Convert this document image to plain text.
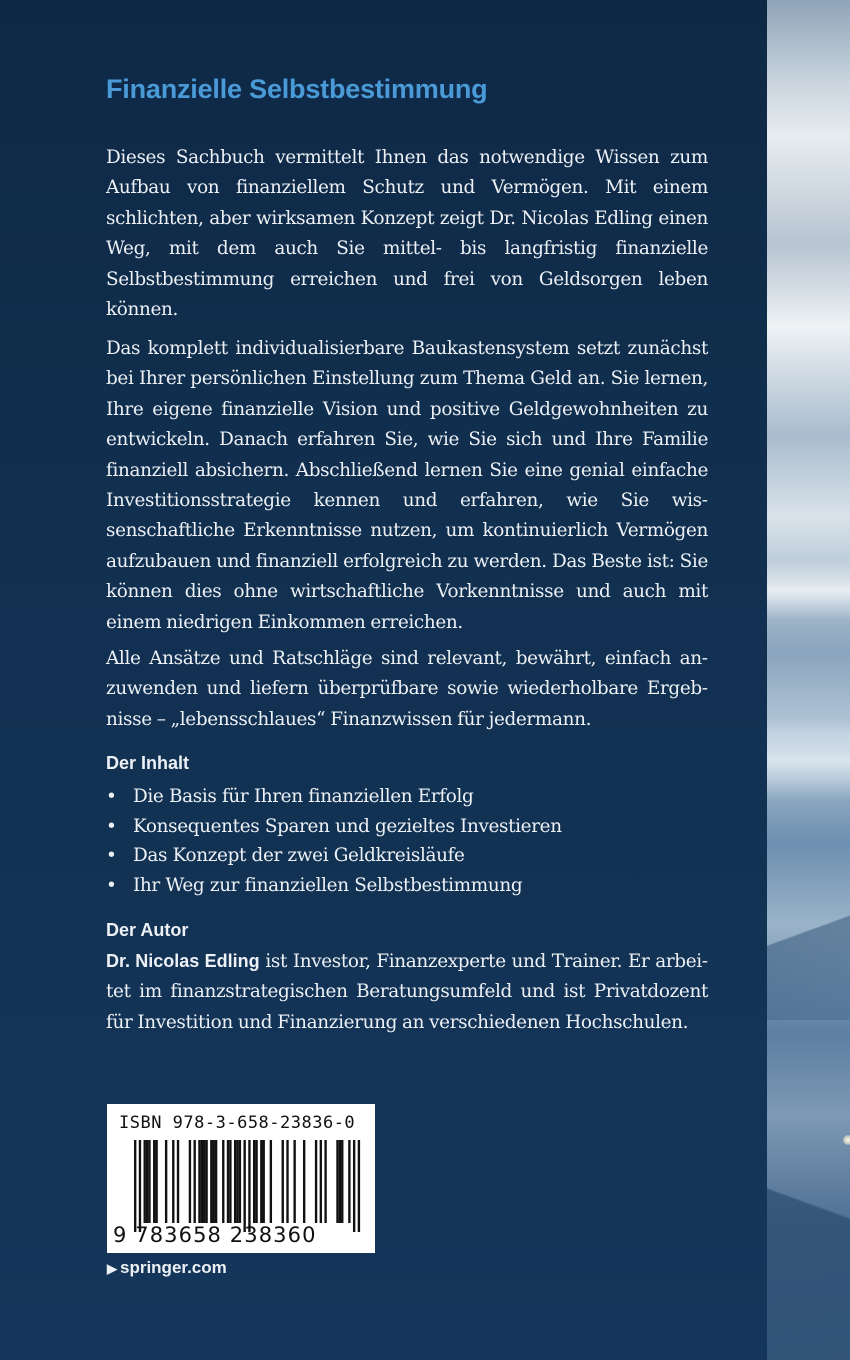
Finanzielle Selbstbestimmung

Dieses Sachbuch vermittelt Ihnen das notwendige Wissen zum Aufbau von finanziellem Schutz und Vermögen. Mit einem schlichten, aber wirksamen Konzept zeigt Dr. Nicolas Edling einen Weg, mit dem auch Sie mittel- bis langfristig finanzielle Selbstbestimmung erreichen und frei von Geldsorgen leben können.

Das komplett individualisierbare Baukastensystem setzt zunächst bei Ihrer persönlichen Einstellung zum Thema Geld an. Sie lernen, Ihre eigene finanzielle Vision und positive Geldgewohnheiten zu entwickeln. Danach erfahren Sie, wie Sie sich und Ihre Familie finanziell absichern. Abschließend lernen Sie eine genial einfache Investitionsstrategie kennen und erfahren, wie Sie wissenschaftliche Erkenntnisse nutzen, um kontinuierlich Vermögen aufzubauen und finanziell erfolgreich zu werden. Das Beste ist: Sie können dies ohne wirtschaftliche Vorkenntnisse und auch mit einem niedrigen Einkommen erreichen.

Alle Ansätze und Ratschläge sind relevant, bewährt, einfach anzuwenden und liefern überprüfbare sowie wiederholbare Ergebnisse – „lebensschlaues“ Finanzwissen für jedermann.

Der Inhalt
• Die Basis für Ihren finanziellen Erfolg
• Konsequentes Sparen und gezieltes Investieren
• Das Konzept der zwei Geldkreisläufe
• Ihr Weg zur finanziellen Selbstbestimmung
Der Autor

Dr. Nicolas Edling ist Investor, Finanzexperte und Trainer. Er arbeitet im finanzstrategischen Beratungsumfeld und ist Privatdozent für Investition und Finanzierung an verschiedenen Hochschulen.

ISBN 978-3-658-23836-0
9 783658 238360
▶ springer.com
